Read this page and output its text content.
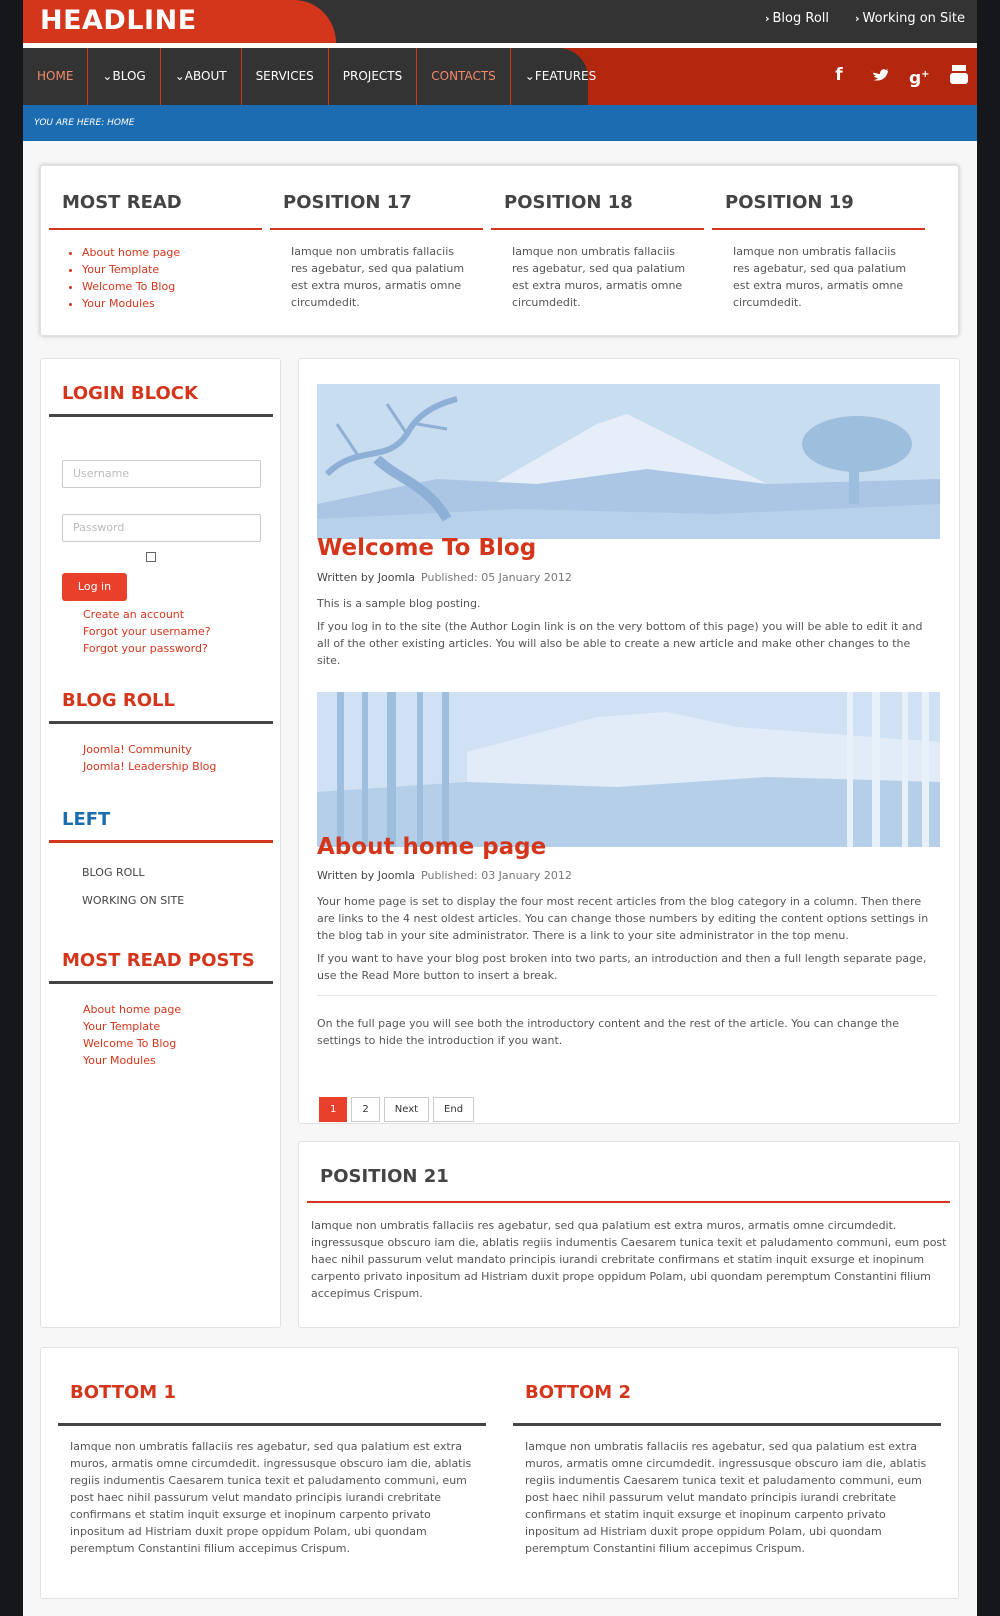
HEADLINE	› Blog Roll › Working on Site
HOME	⌄BLOG	⌄ABOUT	SERVICES	PROJECTS	CONTACTS	⌄FEATURES	f	g+
YOU ARE HERE: HOME
MOST READ
• About home page
• Your Template
• Welcome To Blog
• Your Modules
POSITION 17

Iamque non umbratis fallaciis res agebatur, sed qua palatium est extra muros, armatis omne circumdedit.

POSITION 18

Iamque non umbratis fallaciis res agebatur, sed qua palatium est extra muros, armatis omne circumdedit.

POSITION 19

Iamque non umbratis fallaciis res agebatur, sed qua palatium est extra muros, armatis omne circumdedit.

LOGIN BLOCK
Username
Password
Log in
Create an account
Forgot your username?
Forgot your password?
BLOG ROLL
Joomla! Community
Joomla! Leadership Blog
LEFT
BLOG ROLL
WORKING ON SITE
MOST READ POSTS
About home page
Your Template
Welcome To Blog
Your Modules
Welcome To Blog
Written by Joomla Published: 05 January 2012
This is a sample blog posting.
If you log in to the site (the Author Login link is on the very bottom of this page) you will be able to edit it and all of the other existing articles. You will also be able to create a new article and make other changes to the site.
About home page
Written by Joomla Published: 03 January 2012
Your home page is set to display the four most recent articles from the blog category in a column. Then there are links to the 4 nest oldest articles. You can change those numbers by editing the content options settings in the blog tab in your site administrator. There is a link to your site administrator in the top menu.
If you want to have your blog post broken into two parts, an introduction and then a full length separate page, use the Read More button to insert a break.
On the full page you will see both the introductory content and the rest of the article. You can change the settings to hide the introduction if you want.
1	2	Next	End
POSITION 21

Iamque non umbratis fallaciis res agebatur, sed qua palatium est extra muros, armatis omne circumdedit. ingressusque obscuro iam die, ablatis regiis indumentis Caesarem tunica texit et paludamento communi, eum post haec nihil passurum velut mandato principis iurandi crebritate confirmans et statim inquit exsurge et inopinum carpento privato inpositum ad Histriam duxit prope oppidum Polam, ubi quondam peremptum Constantini filium accepimus Crispum.

BOTTOM 1

Iamque non umbratis fallaciis res agebatur, sed qua palatium est extra muros, armatis omne circumdedit. ingressusque obscuro iam die, ablatis regiis indumentis Caesarem tunica texit et paludamento communi, eum post haec nihil passurum velut mandato principis iurandi crebritate confirmans et statim inquit exsurge et inopinum carpento privato inpositum ad Histriam duxit prope oppidum Polam, ubi quondam peremptum Constantini filium accepimus Crispum.

BOTTOM 2

Iamque non umbratis fallaciis res agebatur, sed qua palatium est extra muros, armatis omne circumdedit. ingressusque obscuro iam die, ablatis regiis indumentis Caesarem tunica texit et paludamento communi, eum post haec nihil passurum velut mandato principis iurandi crebritate confirmans et statim inquit exsurge et inopinum carpento privato inpositum ad Histriam duxit prope oppidum Polam, ubi quondam peremptum Constantini filium accepimus Crispum.
